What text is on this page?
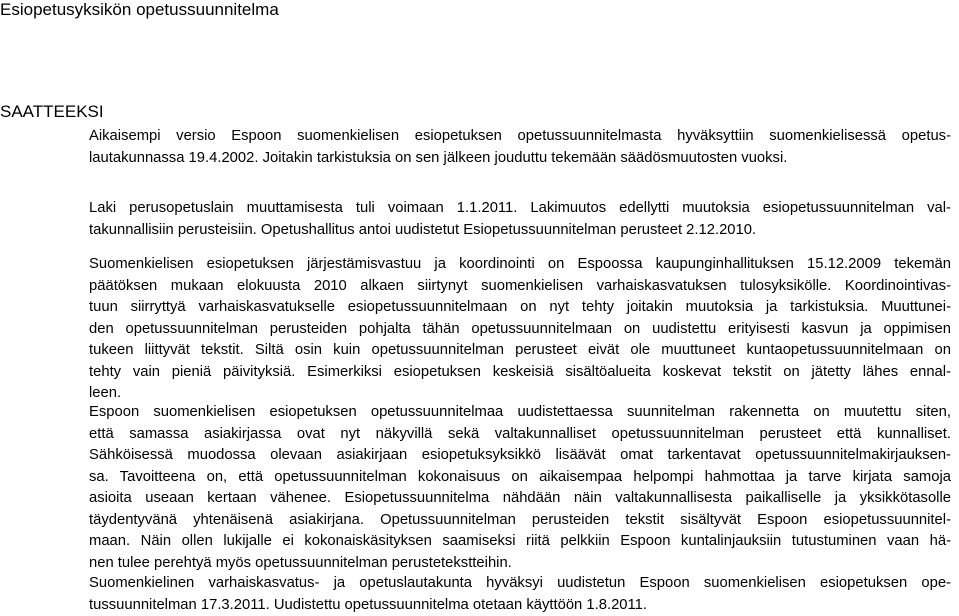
Esiopetusyksikön opetussuunnitelma
SAATTEEKSI
Aikaisempi versio Espoon suomenkielisen esiopetuksen opetussuunnitelmasta hyväksyttiin suomenkielisessä opetus-
lautakunnassa 19.4.2002. Joitakin tarkistuksia on sen jälkeen jouduttu tekemään säädösmuutosten vuoksi.
Laki perusopetuslain muuttamisesta tuli voimaan 1.1.2011. Lakimuutos edellytti muutoksia esiopetussuunnitelman val-
takunnallisiin perusteisiin. Opetushallitus antoi uudistetut Esiopetussuunnitelman perusteet 2.12.2010.
Suomenkielisen esiopetuksen järjestämisvastuu ja koordinointi on Espoossa kaupunginhallituksen 15.12.2009 tekemän
päätöksen mukaan elokuusta 2010 alkaen siirtynyt suomenkielisen varhaiskasvatuksen tulosyksikölle. Koordinointivas-
tuun siirryttyä varhaiskasvatukselle esiopetussuunnitelmaan on nyt tehty joitakin muutoksia ja tarkistuksia. Muuttunei-
den opetussuunnitelman perusteiden pohjalta tähän opetussuunnitelmaan on uudistettu erityisesti kasvun ja oppimisen
tukeen liittyvät tekstit. Siltä osin kuin opetussuunnitelman perusteet eivät ole muuttuneet kuntaopetussuunnitelmaan on
tehty vain pieniä päivityksiä. Esimerkiksi esiopetuksen keskeisiä sisältöalueita koskevat tekstit on jätetty lähes ennal-
leen.
Espoon suomenkielisen esiopetuksen opetussuunnitelmaa uudistettaessa suunnitelman rakennetta on muutettu siten,
että samassa asiakirjassa ovat nyt näkyvillä sekä valtakunnalliset opetussuunnitelman perusteet että kunnalliset.
Sähköisessä muodossa olevaan asiakirjaan esiopetuksyksikkö lisäävät omat tarkentavat opetussuunnitelmakirjauksen-
sa. Tavoitteena on, että opetussuunnitelman kokonaisuus on aikaisempaa helpompi hahmottaa ja tarve kirjata samoja
asioita useaan kertaan vähenee. Esiopetussuunnitelma nähdään näin valtakunnallisesta paikalliselle ja yksikkötasolle
täydentyvänä yhtenäisenä asiakirjana. Opetussuunnitelman perusteiden tekstit sisältyvät Espoon esiopetussuunnitel-
maan. Näin ollen lukijalle ei kokonaiskäsityksen saamiseksi riitä pelkkiin Espoon kuntalinjauksiin tutustuminen vaan hä-
nen tulee perehtyä myös opetussuunnitelman perustetekstteihin.
Suomenkielinen varhaiskasvatus- ja opetuslautakunta hyväksyi uudistetun Espoon suomenkielisen esiopetuksen ope-
tussuunnitelman 17.3.2011. Uudistettu opetussuunnitelma otetaan käyttöön 1.8.2011.
